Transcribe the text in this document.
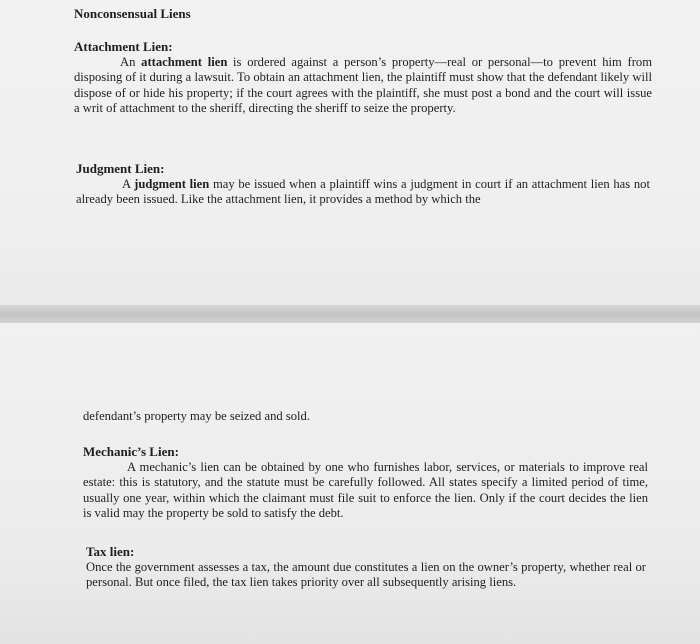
Nonconsensual Liens

Attachment Lien:

An attachment lien is ordered against a person’s property—real or personal—to prevent him from disposing of it during a lawsuit. To obtain an attachment lien, the plaintiff must show that the defendant likely will dispose of or hide his property; if the court agrees with the plaintiff, she must post a bond and the court will issue a writ of attachment to the sheriff, directing the sheriff to seize the property.

Judgment Lien:

A judgment lien may be issued when a plaintiff wins a judgment in court if an attachment lien has not already been issued. Like the attachment lien, it provides a method by which the

defendant’s property may be seized and sold.

Mechanic’s Lien:

A mechanic’s lien can be obtained by one who furnishes labor, services, or materials to improve real estate: this is statutory, and the statute must be carefully followed. All states specify a limited period of time, usually one year, within which the claimant must file suit to enforce the lien. Only if the court decides the lien is valid may the property be sold to satisfy the debt.

Tax lien:

Once the government assesses a tax, the amount due constitutes a lien on the owner’s property, whether real or personal. But once filed, the tax lien takes priority over all subsequently arising liens.
